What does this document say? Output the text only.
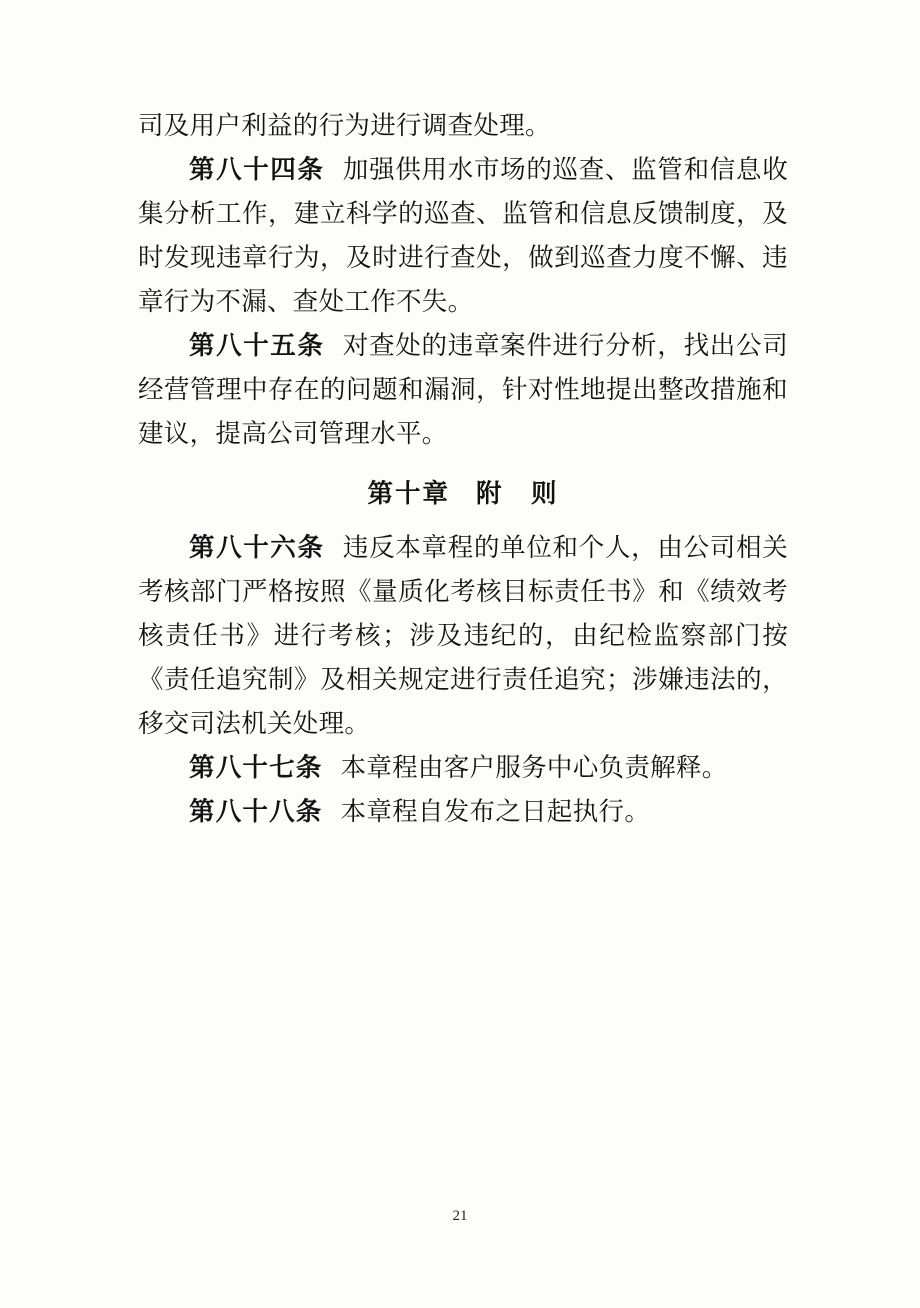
司及用户利益的行为进行调查处理。

第八十四条 加强供用水市场的巡查、监管和信息收集分析工作，建立科学的巡查、监管和信息反馈制度，及时发现违章行为，及时进行查处，做到巡查力度不懈、违章行为不漏、查处工作不失。

第八十五条 对查处的违章案件进行分析，找出公司经营管理中存在的问题和漏洞，针对性地提出整改措施和建议，提高公司管理水平。

第十章 附　则

第八十六条 违反本章程的单位和个人，由公司相关考核部门严格按照《量质化考核目标责任书》和《绩效考核责任书》进行考核；涉及违纪的，由纪检监察部门按《责任追究制》及相关规定进行责任追究；涉嫌违法的，移交司法机关处理。

第八十七条 本章程由客户服务中心负责解释。

第八十八条 本章程自发布之日起执行。

21
